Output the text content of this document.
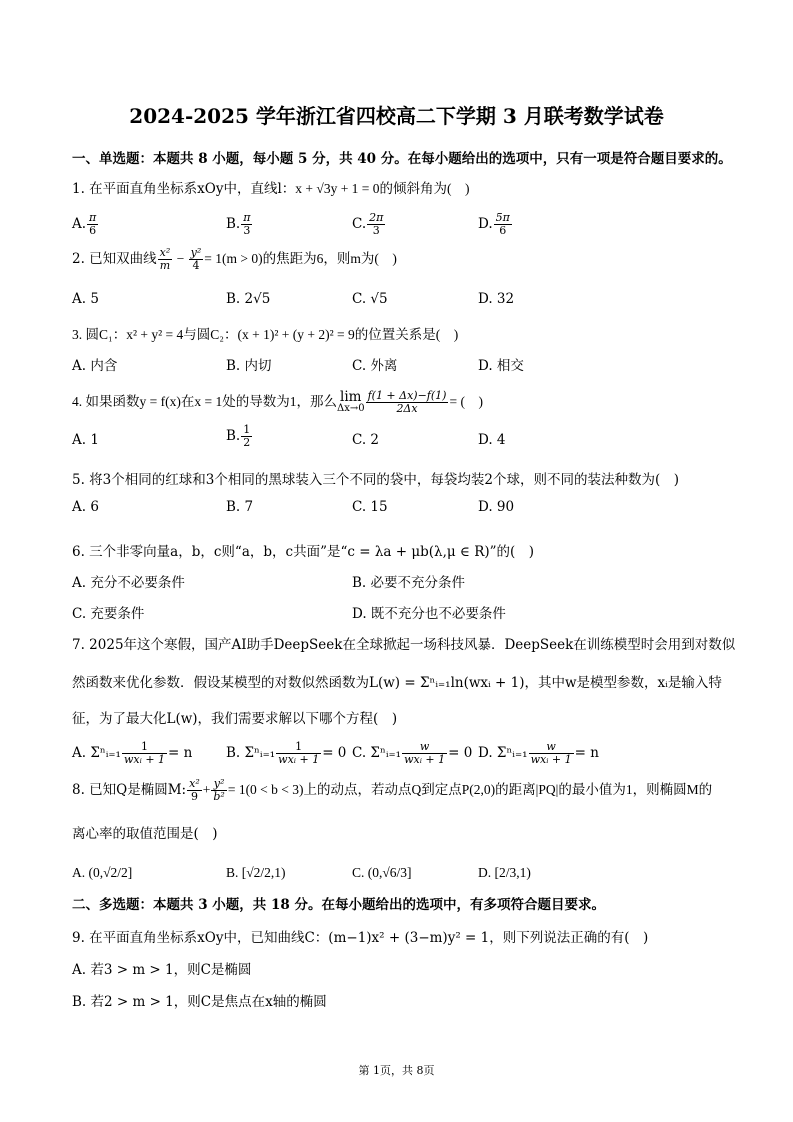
2024-2025 学年浙江省四校高二下学期 3 月联考数学试卷
一、单选题：本题共 8 小题，每小题 5 分，共 40 分。在每小题给出的选项中，只有一项是符合题目要求的。
1. 在平面直角坐标系xOy中，直线l：x + √3y + 1 = 0的倾斜角为(　)
A. $\frac{\pi}{6}$	B. $\frac{\pi}{3}$	C. $\frac{2\pi}{3}$	D. $\frac{5\pi}{6}$
2. 已知双曲线 $\frac{\text{x²}}{m} - \frac{\text{y²}}{4} = 1(m > 0)$的焦距为6，则m为(　)
A. 5	B. 2√5	C. √5	D. 32
3. 圆C₁：x² + y² = 4与圆C₂：(x + 1)² + (y + 2)² = 9的位置关系是(　)
A. 内含	B. 内切	C. 外离	D. 相交
4. 如果函数y = f(x)在x = 1处的导数为1，那么 lim
$\Delta x\to 0 \frac{f(1 + \Delta x)-f(1)}{2\Delta x}$ = (　)
A. 1	B. $\frac{1}{2}$	C. 2	D. 4
5. 将3个相同的红球和3个相同的黑球装入三个不同的袋中，每袋均装2个球，则不同的装法种数为(　)
A. 6	B. 7	C. 15	D. 90
6. 三个非零向量a，b，c则“a，b，c共面”是“c = λa + μb(λ,μ ∈ R)”的(　)
A. 充分不必要条件	B. 必要不充分条件
C. 充要条件	D. 既不充分也不必要条件
7. 2025年这个寒假，国产AI助手DeepSeek在全球掀起一场科技风暴．DeepSeek在训练模型时会用到对数似
然函数来优化参数．假设某模型的对数似然函数为L(w) = Σⁿᵢ₌₁ln(wxᵢ + 1)，其中w是模型参数，xᵢ是输入特
征，为了最大化L(w)，我们需要求解以下哪个方程(　)
A. Σⁿᵢ₌₁ $\frac{1}{\text{wxᵢ + 1}} = n$ B. Σⁿᵢ₌₁ $\frac{1}{\text{wxᵢ + 1}} = 0$ C. Σⁿᵢ₌₁ $\frac{w}{\text{wxᵢ + 1}} = 0$ D. Σⁿᵢ₌₁ $\frac{w}{\text{wxᵢ + 1}} = n$
8. 已知Q是椭圆M: $\frac{\text{x²}}{9} + \frac{\text{y²}}{\text{b²}} = 1(0 < b < 3)$上的动点，若动点Q到定点P(2,0)的距离|PQ|的最小值为1，则椭圆M的
离心率的取值范围是(　)
A. (0,√2/2]	B. [√2/2,1)	C. (0,√6/3]	D. [2/3,1)
二、多选题：本题共 3 小题，共 18 分。在每小题给出的选项中，有多项符合题目要求。
9. 在平面直角坐标系xOy中，已知曲线C：(m−1)x² + (3−m)y² = 1，则下列说法正确的有(　)
A. 若3 > m > 1，则C是椭圆
B. 若2 > m > 1，则C是焦点在x轴的椭圆
第 1页，共 8页
